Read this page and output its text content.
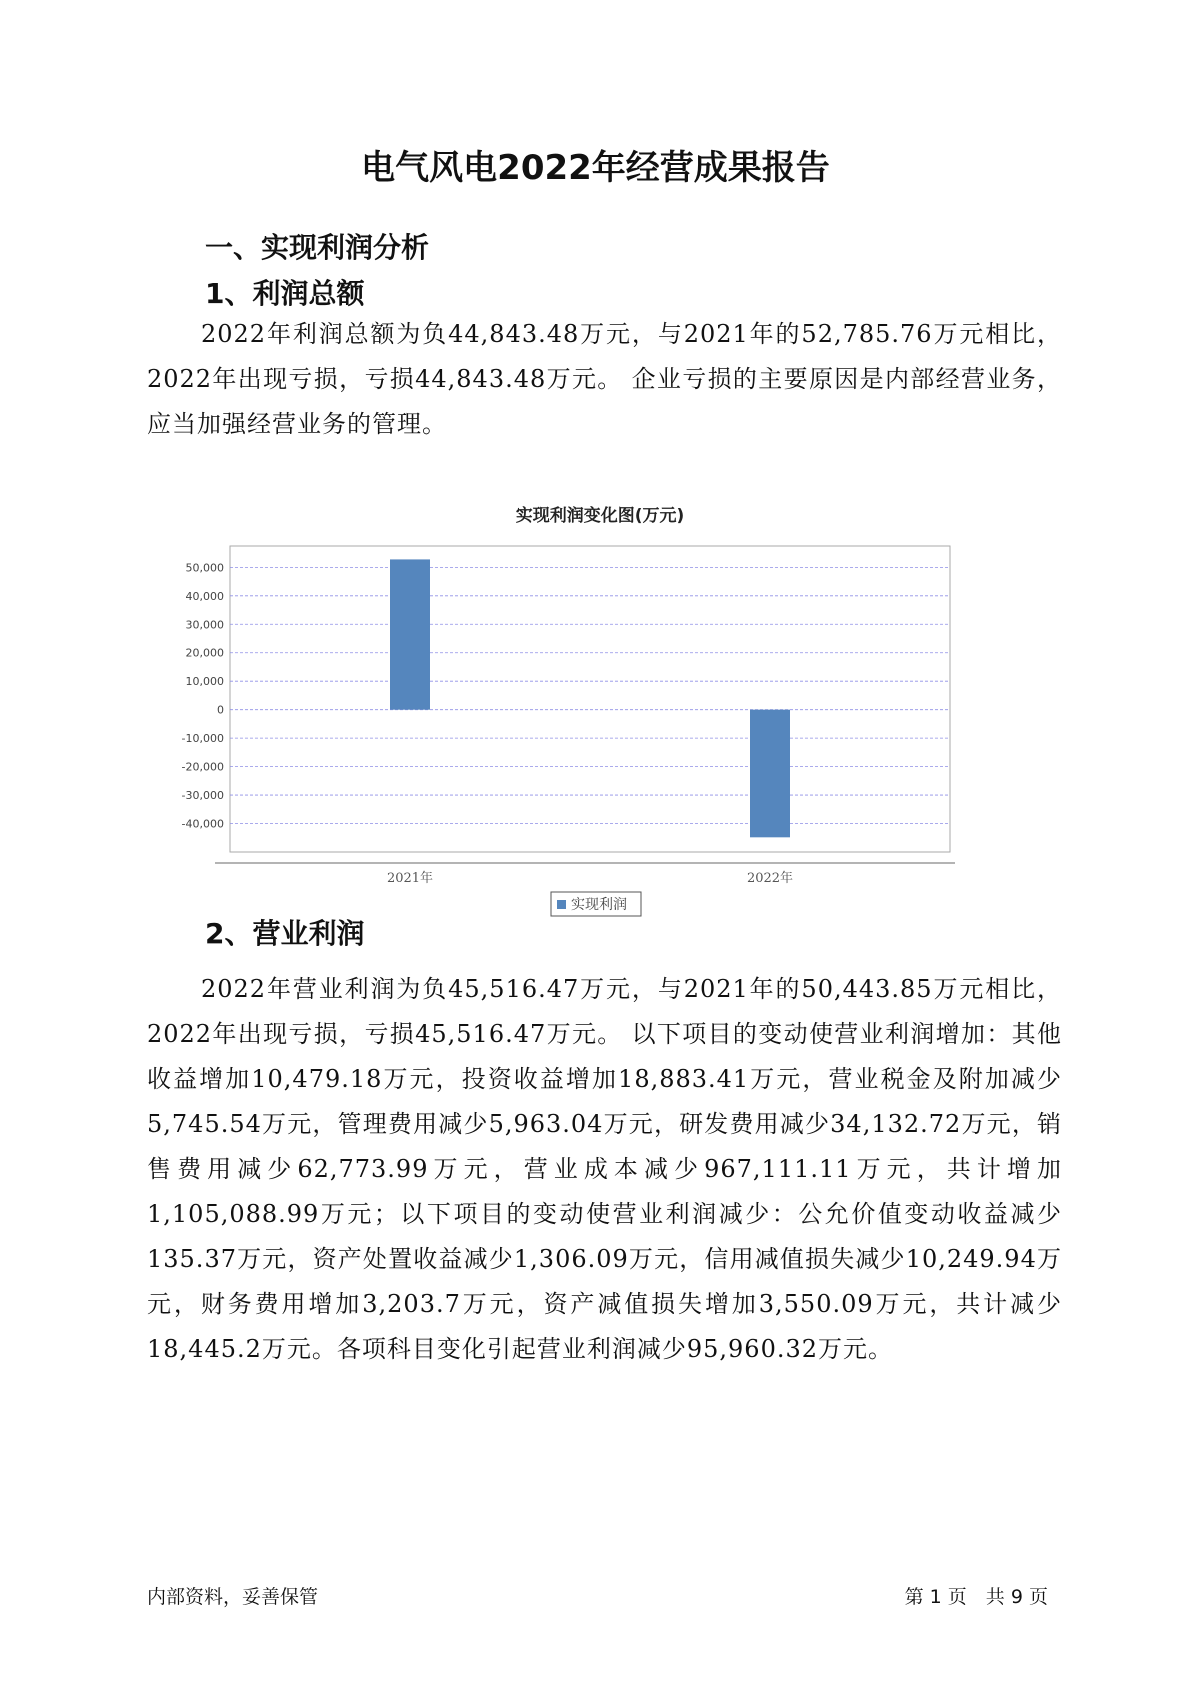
电气风电2022年经营成果报告
一、实现利润分析
1、利润总额

2022年利润总额为负44,843.48万元，与2021年的52,785.76万元相比，2022年出现亏损，亏损44,843.48万元。 企业亏损的主要原因是内部经营业务，应当加强经营业务的管理。

实现利润变化图(万元)
50,000
40,000
30,000
20,000
10,000
0
-10,000
-20,000
-30,000
-40,000
2021年	2022年
实现利润
2、营业利润

2022年营业利润为负45,516.47万元，与2021年的50,443.85万元相比，2022年出现亏损，亏损45,516.47万元。 以下项目的变动使营业利润增加：其他收益增加10,479.18万元，投资收益增加18,883.41万元，营业税金及附加减少5,745.54万元，管理费用减少5,963.04万元，研发费用减少34,132.72万元，销售费用减少62,773.99万元，营业成本减少967,111.11万元，共计增加1,105,088.99万元；以下项目的变动使营业利润减少：公允价值变动收益减少135.37万元，资产处置收益减少1,306.09万元，信用减值损失减少10,249.94万元，财务费用增加3,203.7万元，资产减值损失增加3,550.09万元，共计减少18,445.2万元。各项科目变化引起营业利润减少95,960.32万元。

内部资料，妥善保管	第 1 页　共 9 页
